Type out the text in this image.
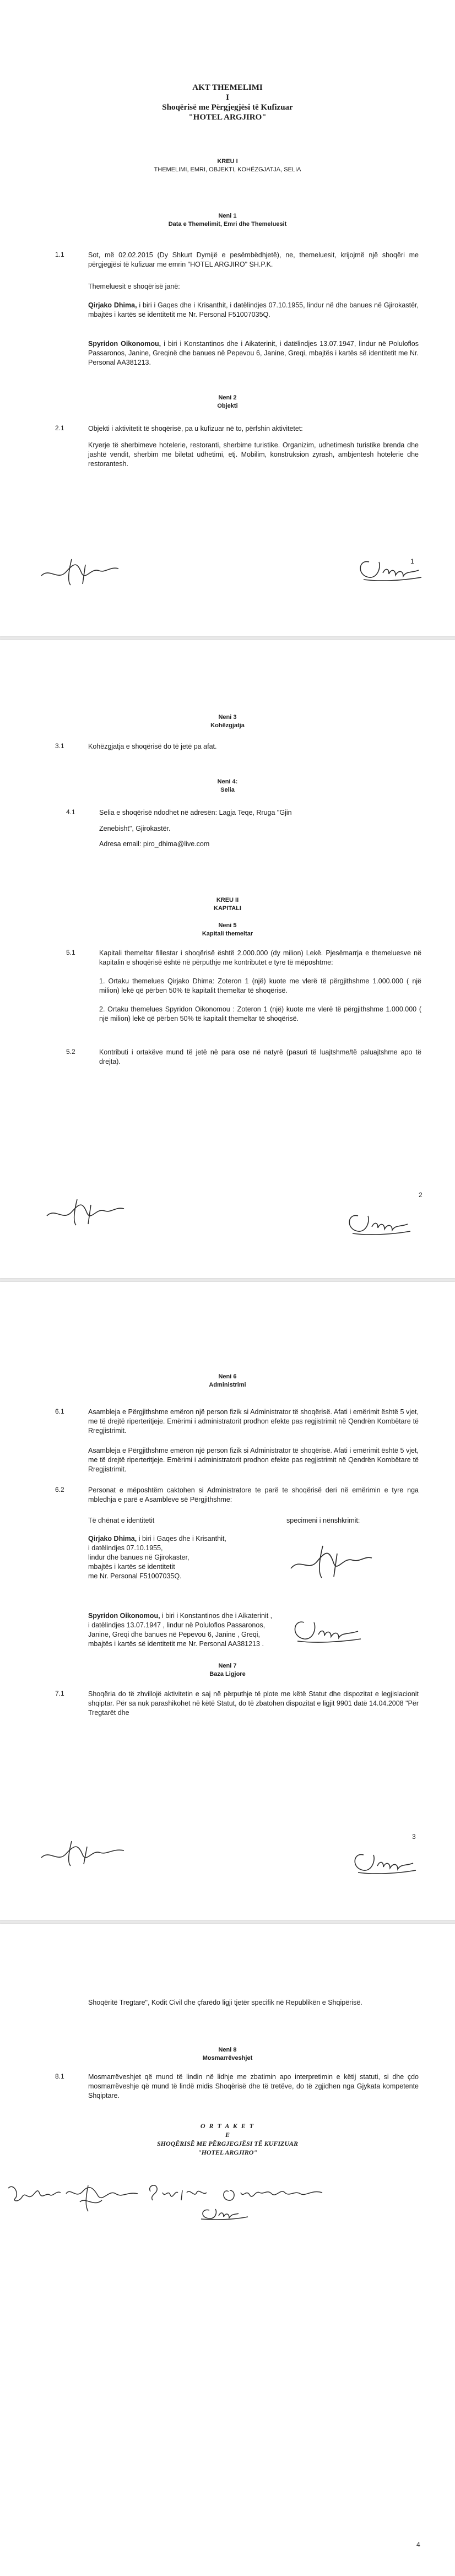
AKT THEMELIMI
I
Shoqërisë me Përgjegjësi të Kufizuar
"HOTEL ARGJIRO"
KREU I
THEMELIMI, EMRI, OBJEKTI, KOHËZGJATJA, SELIA
Neni 1
Data e Themelimit, Emri dhe Themeluesit
1.1	Sot, më 02.02.2015 (Dy Shkurt Dymijë e pesëmbëdhjetë), ne, themeluesit, krijojmë një shoqëri me përgjegjësi të kufizuar me emrin "HOTEL ARGJIRO" SH.P.K.
Themeluesit e shoqërisë janë:
Qirjako Dhima, i biri i Gaqes dhe i Krisanthit, i datëlindjes 07.10.1955, lindur në dhe banues në Gjirokastër, mbajtës i kartës së identitetit me Nr. Personal F51007035Q.
Spyridon Oikonomou, i biri i Konstantinos dhe i Aikaterinit, i datëlindjes 13.07.1947, lindur në Poluloflos Passaronos, Janine, Greqinë dhe banues në Pepevou 6, Janine, Greqi, mbajtës i kartës së identitetit me Nr. Personal AA381213.
Neni 2
Objekti
2.1	Objekti i aktivitetit të shoqërisë, pa u kufizuar në to, përfshin aktivitetet:
Kryerje të sherbimeve hotelerie, restoranti, sherbime turistike. Organizim, udhetimesh turistike brenda dhe jashtë vendit, sherbim me biletat udhetimi, etj. Mobilim, konstruksion zyrash, ambjentesh hotelerie dhe restorantesh.
1
Neni 3
Kohëzgjatja
3.1	Kohëzgjatja e shoqërisë do të jetë pa afat.
Neni 4:
Selia
4.1	Selia e shoqërisë ndodhet në adresën: Lagja Teqe, Rruga "Gjin
Zenebisht", Gjirokastër.
Adresa email: piro_dhima@live.com
KREU II
KAPITALI
Neni 5
Kapitali themeltar
5.1	Kapitali themeltar fillestar i shoqërisë është 2.000.000 (dy milion) Lekë. Pjesëmarrja e themeluesve në kapitalin e shoqërisë është në përputhje me kontributet e tyre të mëposhtme:
1. Ortaku themelues Qirjako Dhima: Zoteron 1 (një) kuote me vlerë të përgjithshme 1.000.000 ( një milion) lekë që përben 50% të kapitalit themeltar të shoqërisë.
2. Ortaku themelues Spyridon Oikonomou : Zoteron 1 (një) kuote me vlerë të përgjithshme 1.000.000 ( një milion) lekë që përben 50% të kapitalit themeltar të shoqërisë.
5.2	Kontributi i ortakëve mund të jetë në para ose në natyrë (pasuri të luajtshme/të paluajtshme apo të drejta).
2
Neni 6
Administrimi
6.1	Asambleja e Përgjithshme emëron një person fizik si Administrator të shoqërisë. Afati i emërimit është 5 vjet, me të drejtë riperteritjeje. Emërimi i administratorit prodhon efekte pas regjistrimit në Qendrën Kombëtare të Rregjistrimit.
Asambleja e Përgjithshme emëron një person fizik si Administrator të shoqërisë. Afati i emërimit është 5 vjet, me të drejtë riperteritjeje. Emërimi i administratorit prodhon efekte pas regjistrimit në Qendrën Kombëtare të Rregjistrimit.
6.2	Personat e mëposhtëm caktohen si Administratore te parë te shoqërisë deri në emërimin e tyre nga mbledhja e parë e Asambleve së Përgjithshme:
Të dhënat e identitetit	specimeni i nënshkrimit:
Qirjako Dhima, i biri i Gaqes dhe i Krisanthit,
i datëlindjes 07.10.1955,
lindur dhe banues në Gjirokaster,
mbajtës i kartës së identitetit
me Nr. Personal F51007035Q.
Spyridon Oikonomou, i biri i Konstantinos dhe i Aikaterinit ,
i datëlindjes 13.07.1947 , lindur në Poluloflos Passaronos,
Janine, Greqi dhe banues në Pepevou 6, Janine , Greqi,
mbajtës i kartës së identitetit me Nr. Personal AA381213 .
Neni 7
Baza Ligjore
7.1	Shoqëria do të zhvillojë aktivitetin e saj në përputhje të plote me këtë Statut dhe dispozitat e legjislacionit shqiptar. Për sa nuk parashikohet në këtë Statut, do të zbatohen dispozitat e ligjit 9901 datë 14.04.2008 "Për Tregtarët dhe
3
Shoqëritë Tregtare", Kodit Civil dhe çfarëdo ligji tjetër specifik në Republikën e Shqipërisë.
Neni 8
Mosmarrëveshjet
8.1	Mosmarrëveshjet që mund të lindin në lidhje me zbatimin apo interpretimin e këtij statuti, si dhe çdo mosmarrëveshje që mund të lindë midis Shoqërisë dhe të tretëve, do të zgjidhen nga Gjykata kompetente Shqiptare.
O R T A K E T
E
SHOQËRISË ME PËRGJEGJËSI TË KUFIZUAR
"HOTEL ARGJIRO"
4
